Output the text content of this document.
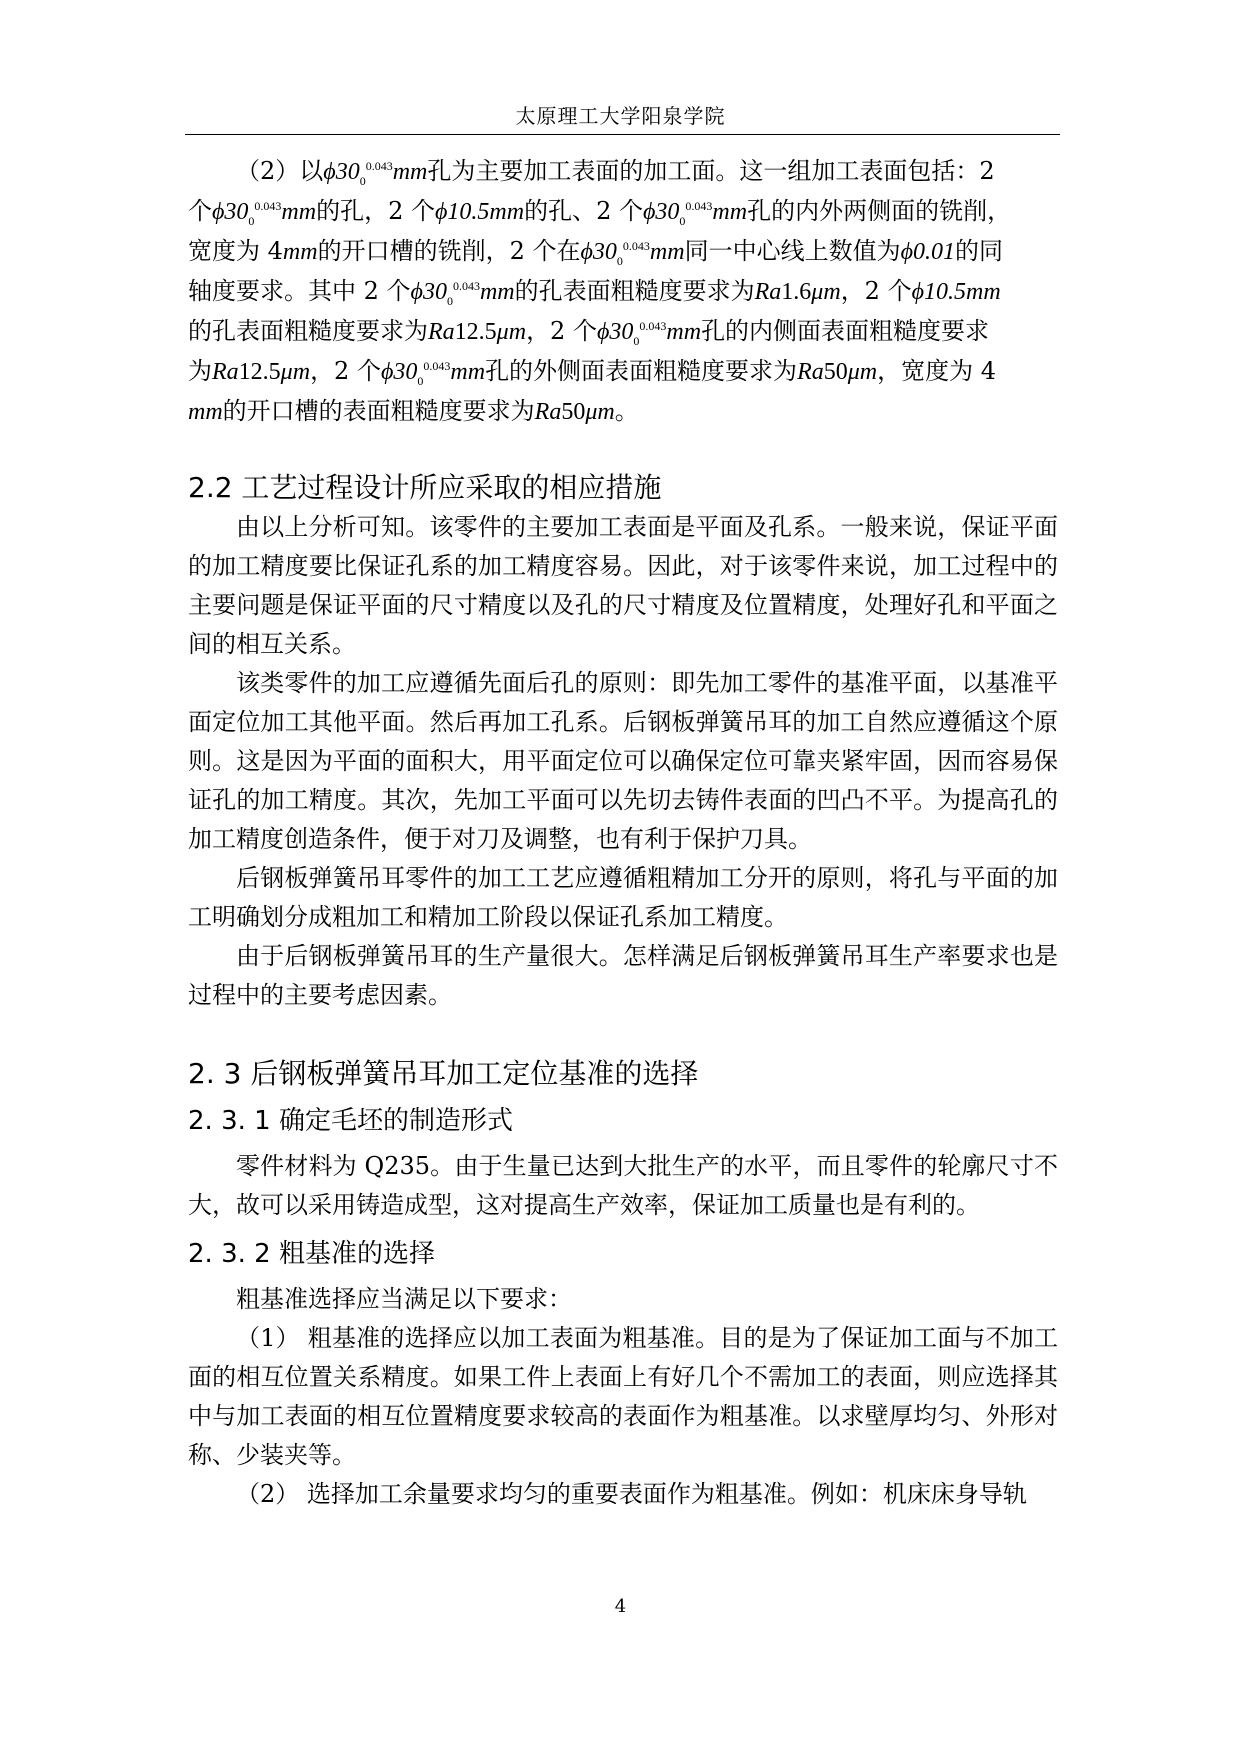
太原理工大学阳泉学院

（2）以$\phi 30_0^{0.043}mm$孔为主要加工表面的加工面。这一组加工表面包括：2
个$\phi 30_0^{0.043}mm$的孔，2 个ϕ10.5mm的孔、2 个$\phi 30_0^{0.043}mm$孔的内外两侧面的铣削，
宽度为 4mm的开口槽的铣削，2 个在$\phi 30_0^{0.043}mm$同一中心线上数值为ϕ0.01的同
轴度要求。其中 2 个$\phi 30_0^{0.043}mm$的孔表面粗糙度要求为Ra1.6μm，2 个ϕ10.5mm
的孔表面粗糙度要求为Ra12.5μm，2 个$\phi 30_0^{0.043}mm$孔的内侧面表面粗糙度要求
为Ra12.5μm，2 个$\phi 30_0^{0.043}mm$孔的外侧面表面粗糙度要求为Ra50μm，宽度为 4
mm的开口槽的表面粗糙度要求为Ra50μm。

2.2 工艺过程设计所应采取的相应措施

由以上分析可知。该零件的主要加工表面是平面及孔系。一般来说，保证平面的加工精度要比保证孔系的加工精度容易。因此，对于该零件来说，加工过程中的主要问题是保证平面的尺寸精度以及孔的尺寸精度及位置精度，处理好孔和平面之间的相互关系。

该类零件的加工应遵循先面后孔的原则：即先加工零件的基准平面，以基准平面定位加工其他平面。然后再加工孔系。后钢板弹簧吊耳的加工自然应遵循这个原则。这是因为平面的面积大，用平面定位可以确保定位可靠夹紧牢固，因而容易保证孔的加工精度。其次，先加工平面可以先切去铸件表面的凹凸不平。为提高孔的加工精度创造条件，便于对刀及调整，也有利于保护刀具。

后钢板弹簧吊耳零件的加工工艺应遵循粗精加工分开的原则，将孔与平面的加工明确划分成粗加工和精加工阶段以保证孔系加工精度。

由于后钢板弹簧吊耳的生产量很大。怎样满足后钢板弹簧吊耳生产率要求也是过程中的主要考虑因素。

2. 3 后钢板弹簧吊耳加工定位基准的选择
2. 3. 1 确定毛坯的制造形式

零件材料为 Q235。由于生量已达到大批生产的水平，而且零件的轮廓尺寸不大，故可以采用铸造成型，这对提高生产效率，保证加工质量也是有利的。

2. 3. 2 粗基准的选择

粗基准选择应当满足以下要求：

（1） 粗基准的选择应以加工表面为粗基准。目的是为了保证加工面与不加工面的相互位置关系精度。如果工件上表面上有好几个不需加工的表面，则应选择其中与加工表面的相互位置精度要求较高的表面作为粗基准。以求壁厚均匀、外形对称、少装夹等。

（2） 选择加工余量要求均匀的重要表面作为粗基准。例如：机床床身导轨

4
